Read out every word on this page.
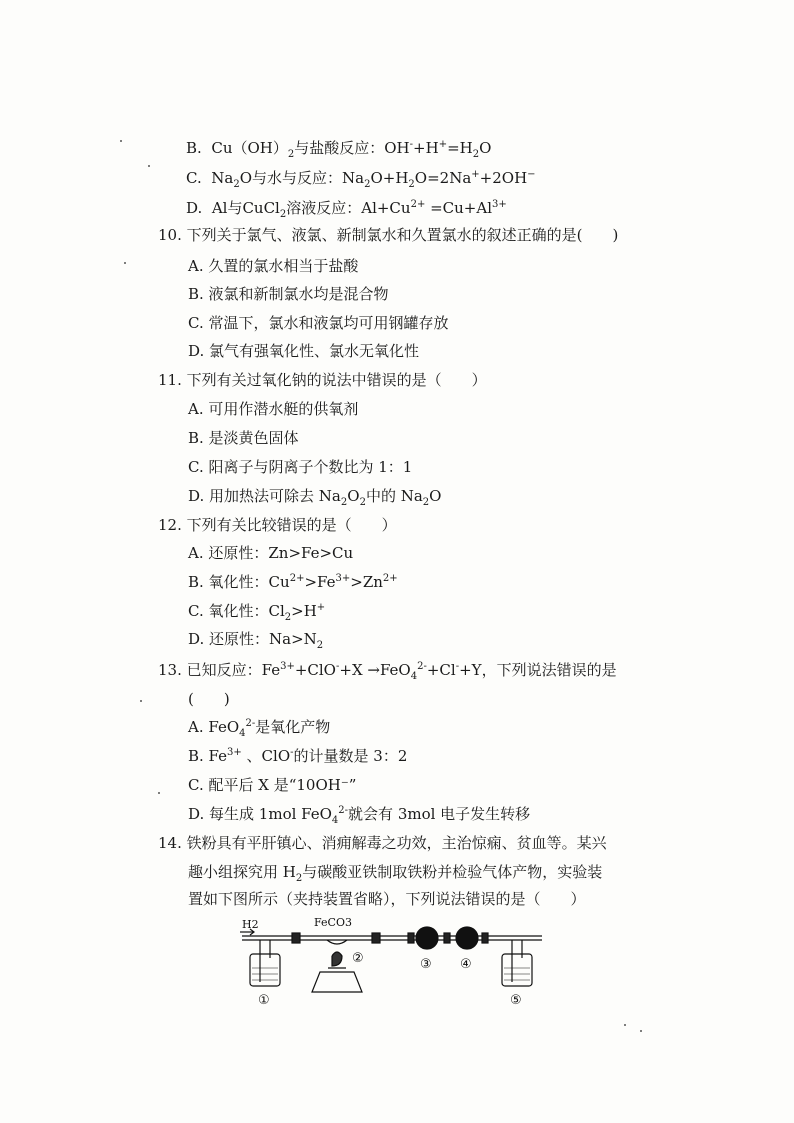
B. $Cu(OH)_2$与盐酸反应：$OH^-+H^+=H_2O$
C. $Na_2O$与水与反应：$Na_2O+H_2O=2Na^++2OH^-$
D. Al与CuCl$_2$溶液反应：$Al+Cu^{2+} =Cu+Al^{3+}$
10. 下列关于氯气、液氯、新制氯水和久置氯水的叙述正确的是(　　)
A. 久置的氯水相当于盐酸
B. 液氯和新制氯水均是混合物
C. 常温下，氯水和液氯均可用钢罐存放
D. 氯气有强氧化性、氯水无氧化性
11. 下列有关过氧化钠的说法中错误的是（　　）
A. 可用作潜水艇的供氧剂
B. 是淡黄色固体
C. 阳离子与阴离子个数比为 1：1
D. 用加热法可除去 $Na_2O_2$中的 $Na_2O$
12. 下列有关比较错误的是（　　）
A. 还原性：Zn>Fe>Cu
B. 氧化性：$Cu^{2+}>Fe^{3+}>Zn^{2+}$
C. 氧化性：$Cl_2>H^+$
D. 还原性：$Na>N_2$
13. 已知反应：$Fe^{3+}+ClO^-+X \to FeO_4^{2-}+Cl^-+Y$，下列说法错误的是
(　　)
A. FeO$_4^{2-}$是氧化产物
B. $Fe^{3+}$ 、ClO-的计量数是 3：2
C. 配平后 X 是“10OH⁻”
D. 每生成 1mol FeO$_4^{2-}$就会有 3mol 电子发生转移
14. 铁粉具有平肝镇心、消痈解毒之功效，主治惊痫、贫血等。某兴
趣小组探究用 $H_2$与碳酸亚铁制取铁粉并检验气体产物，实验装
置如下图所示（夹持装置省略），下列说法错误的是（　　）
H2	FeCO3
①
②	③ ④
⑤
